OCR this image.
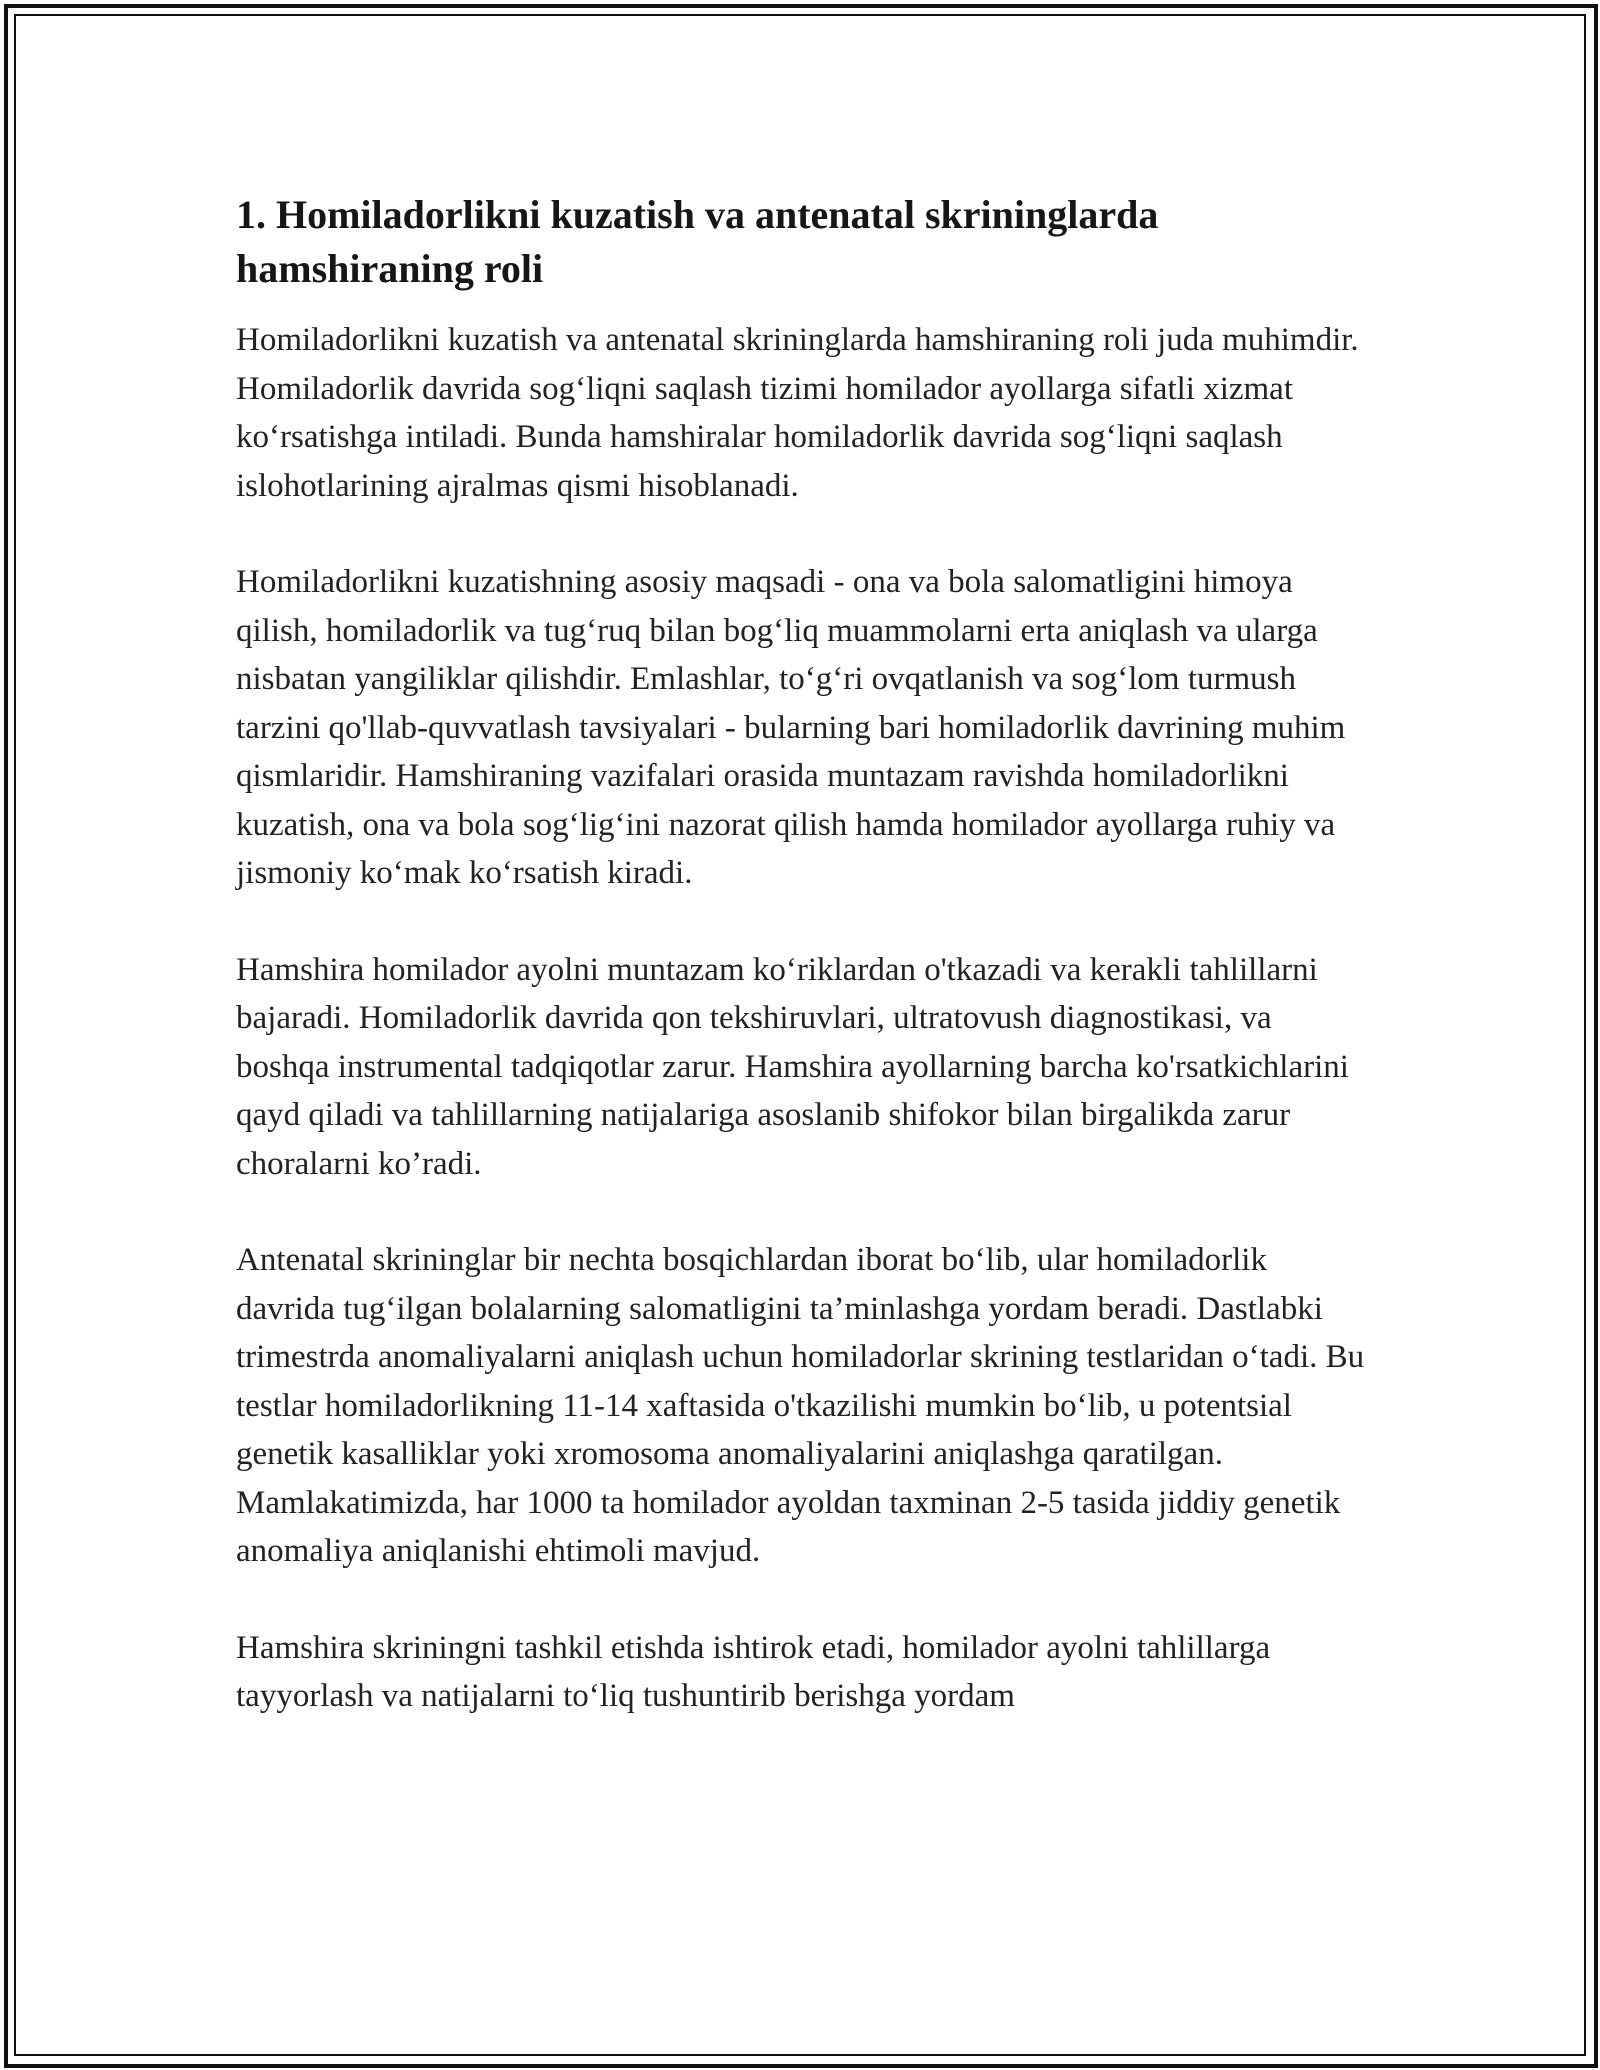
1. Homiladorlikni kuzatish va antenatal skrininglarda hamshiraning roli

Homiladorlikni kuzatish va antenatal skrininglarda hamshiraning roli juda muhimdir. Homiladorlik davrida sog‘liqni saqlash tizimi homilador ayollarga sifatli xizmat ko‘rsatishga intiladi. Bunda hamshiralar homiladorlik davrida sog‘liqni saqlash islohotlarining ajralmas qismi hisoblanadi.

Homiladorlikni kuzatishning asosiy maqsadi - ona va bola salomatligini himoya qilish, homiladorlik va tug‘ruq bilan bog‘liq muammolarni erta aniqlash va ularga nisbatan yangiliklar qilishdir. Emlashlar, to‘g‘ri ovqatlanish va sog‘lom turmush tarzini qo'llab-quvvatlash tavsiyalari - bularning bari homiladorlik davrining muhim qismlaridir. Hamshiraning vazifalari orasida muntazam ravishda homiladorlikni kuzatish, ona va bola sog‘lig‘ini nazorat qilish hamda homilador ayollarga ruhiy va jismoniy ko‘mak ko‘rsatish kiradi.

Hamshira homilador ayolni muntazam ko‘riklardan o'tkazadi va kerakli tahlillarni bajaradi. Homiladorlik davrida qon tekshiruvlari, ultratovush diagnostikasi, va boshqa instrumental tadqiqotlar zarur. Hamshira ayollarning barcha ko'rsatkichlarini qayd qiladi va tahlillarning natijalariga asoslanib shifokor bilan birgalikda zarur choralarni ko’radi.

Antenatal skrininglar bir nechta bosqichlardan iborat bo‘lib, ular homiladorlik davrida tug‘ilgan bolalarning salomatligini ta’minlashga yordam beradi. Dastlabki trimestrda anomaliyalarni aniqlash uchun homiladorlar skrining testlaridan o‘tadi. Bu testlar homiladorlikning 11-14 xaftasida o'tkazilishi mumkin bo‘lib, u potentsial genetik kasalliklar yoki xromosoma anomaliyalarini aniqlashga qaratilgan. Mamlakatimizda, har 1000 ta homilador ayoldan taxminan 2-5 tasida jiddiy genetik anomaliya aniqlanishi ehtimoli mavjud.

Hamshira skriningni tashkil etishda ishtirok etadi, homilador ayolni tahlillarga tayyorlash va natijalarni to‘liq tushuntirib berishga yordam
